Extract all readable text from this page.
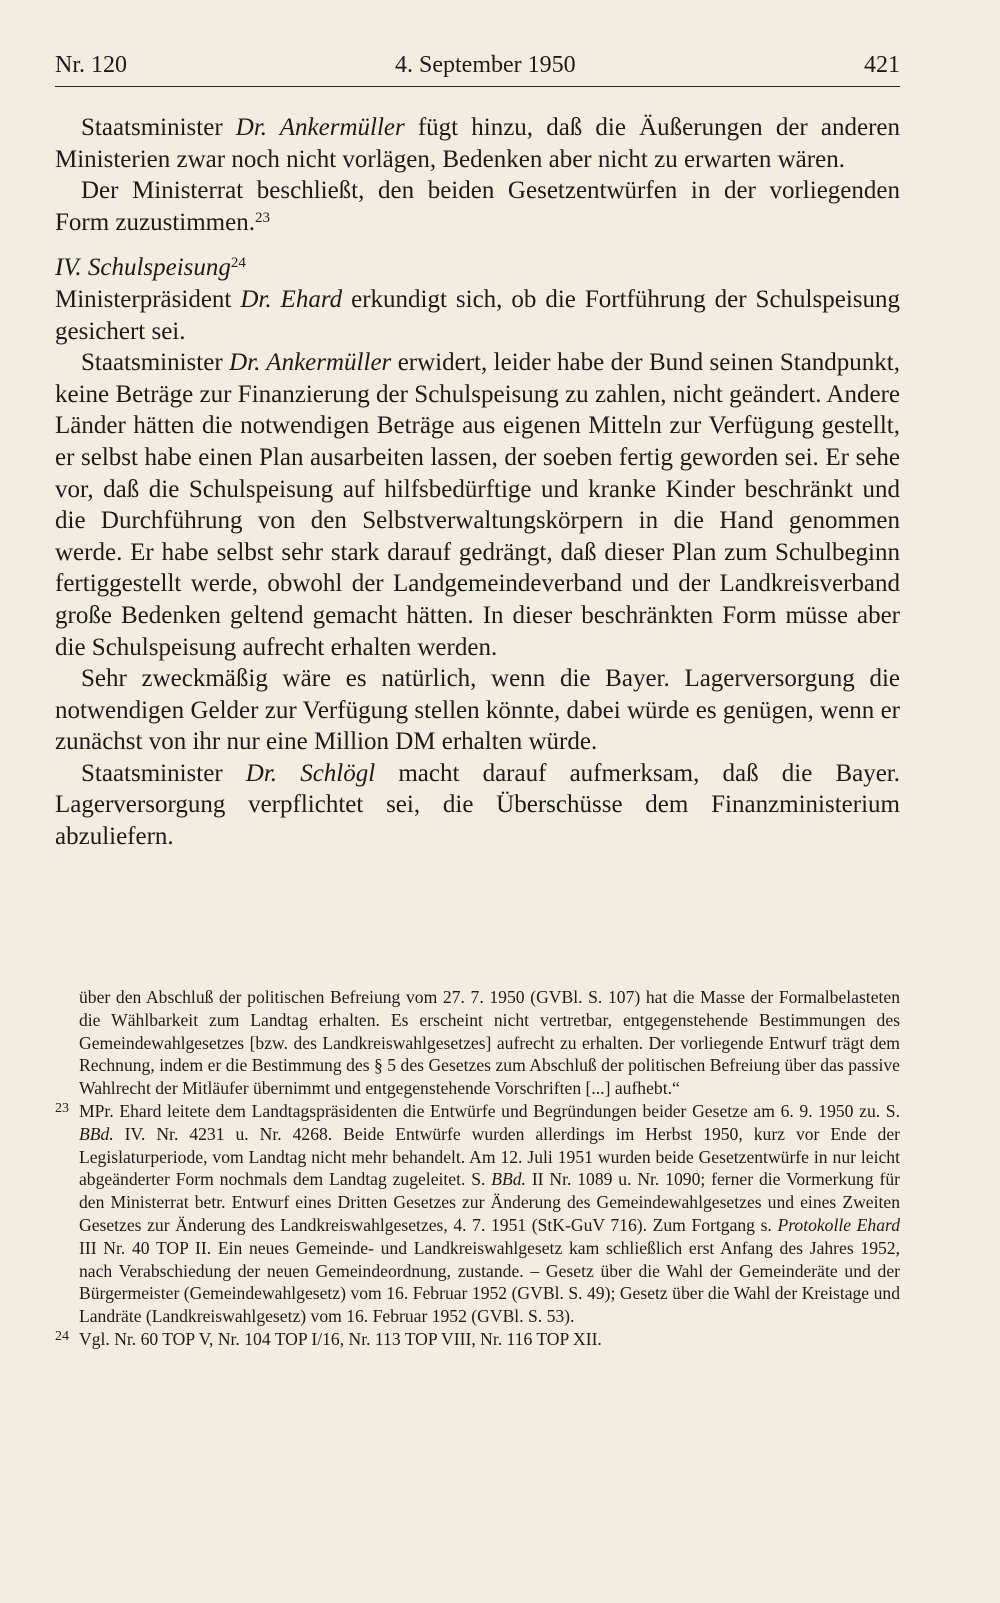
Nr. 120	4. September 1950	421

Staatsminister Dr. Ankermüller fügt hinzu, daß die Äußerungen der anderen Ministerien zwar noch nicht vorlägen, Bedenken aber nicht zu erwarten wären.

Der Ministerrat beschließt, den beiden Gesetzentwürfen in der vorliegenden Form zuzustimmen.$^{23}$

IV. Schulspeisung$^{24}$

Ministerpräsident Dr. Ehard erkundigt sich, ob die Fortführung der Schulspeisung gesichert sei.

Staatsminister Dr. Ankermüller erwidert, leider habe der Bund seinen Standpunkt, keine Beträge zur Finanzierung der Schulspeisung zu zahlen, nicht geändert. Andere Länder hätten die notwendigen Beträge aus eigenen Mitteln zur Verfügung gestellt, er selbst habe einen Plan ausarbeiten lassen, der soeben fertig geworden sei. Er sehe vor, daß die Schulspeisung auf hilfsbedürftige und kranke Kinder beschränkt und die Durchführung von den Selbstverwaltungskörpern in die Hand genommen werde. Er habe selbst sehr stark darauf gedrängt, daß dieser Plan zum Schulbeginn fertiggestellt werde, obwohl der Landgemeindeverband und der Landkreisverband große Bedenken geltend gemacht hätten. In dieser beschränkten Form müsse aber die Schulspeisung aufrecht erhalten werden.

Sehr zweckmäßig wäre es natürlich, wenn die Bayer. Lagerversorgung die notwendigen Gelder zur Verfügung stellen könnte, dabei würde es genügen, wenn er zunächst von ihr nur eine Million DM erhalten würde.

Staatsminister Dr. Schlögl macht darauf aufmerksam, daß die Bayer. Lagerversorgung verpflichtet sei, die Überschüsse dem Finanzministerium abzuliefern.

über den Abschluß der politischen Befreiung vom 27. 7. 1950 (GVBl. S. 107) hat die Masse der Formalbelasteten die Wählbarkeit zum Landtag erhalten. Es erscheint nicht vertretbar, entgegenstehende Bestimmungen des Gemeindewahlgesetzes [bzw. des Landkreiswahlgesetzes] aufrecht zu erhalten. Der vorliegende Entwurf trägt dem Rechnung, indem er die Bestimmung des § 5 des Gesetzes zum Abschluß der politischen Befreiung über das passive Wahlrecht der Mitläufer übernimmt und entgegenstehende Vorschriften [...] aufhebt.“
23 MPr. Ehard leitete dem Landtagspräsidenten die Entwürfe und Begründungen beider Gesetze am 6. 9. 1950 zu. S. BBd. IV. Nr. 4231 u. Nr. 4268. Beide Entwürfe wurden allerdings im Herbst 1950, kurz vor Ende der Legislaturperiode, vom Landtag nicht mehr behandelt. Am 12. Juli 1951 wurden beide Gesetzentwürfe in nur leicht abgeänderter Form nochmals dem Landtag zugeleitet. S. BBd. II Nr. 1089 u. Nr. 1090; ferner die Vormerkung für den Ministerrat betr. Entwurf eines Dritten Gesetzes zur Änderung des Gemeindewahlgesetzes und eines Zweiten Gesetzes zur Änderung des Landkreiswahlgesetzes, 4. 7. 1951 (StK-GuV 716). Zum Fortgang s. Protokolle Ehard III Nr. 40 TOP II. Ein neues Gemeinde- und Landkreiswahlgesetz kam schließlich erst Anfang des Jahres 1952, nach Verabschiedung der neuen Gemeindeordnung, zustande. – Gesetz über die Wahl der Gemeinderäte und der Bürgermeister (Gemeindewahlgesetz) vom 16. Februar 1952 (GVBl. S. 49); Gesetz über die Wahl der Kreistage und Landräte (Landkreiswahlgesetz) vom 16. Februar 1952 (GVBl. S. 53).
24 Vgl. Nr. 60 TOP V, Nr. 104 TOP I/16, Nr. 113 TOP VIII, Nr. 116 TOP XII.
